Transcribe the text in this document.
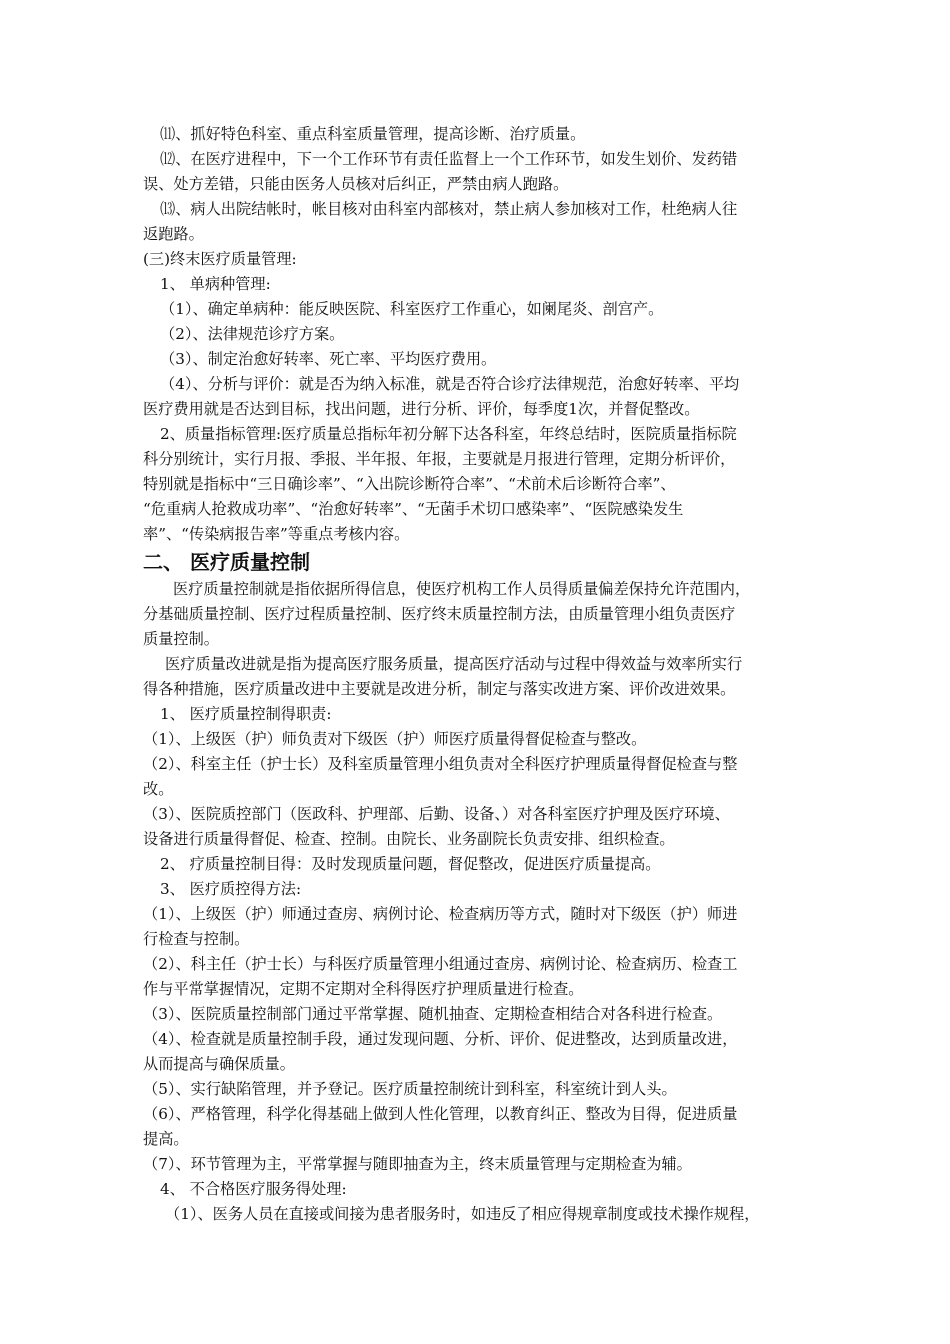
⑾、抓好特色科室、重点科室质量管理，提高诊断、治疗质量。

⑿、在医疗进程中，下一个工作环节有责任监督上一个工作环节，如发生划价、发药错

误、处方差错，只能由医务人员核对后纠正，严禁由病人跑路。

⒀、病人出院结帐时，帐目核对由科室内部核对，禁止病人参加核对工作，杜绝病人往

返跑路。

(三)终末医疗质量管理:

1、 单病种管理:

（1）、确定单病种：能反映医院、科室医疗工作重心，如阑尾炎、剖宫产。

（2）、法律规范诊疗方案。

（3）、制定治愈好转率、死亡率、平均医疗费用。

（4）、分析与评价：就是否为纳入标准，就是否符合诊疗法律规范，治愈好转率、平均

医疗费用就是否达到目标，找出问题，进行分析、评价，每季度1次，并督促整改。

2、质量指标管理:医疗质量总指标年初分解下达各科室，年终总结时，医院质量指标院

科分别统计，实行月报、季报、半年报、年报，主要就是月报进行管理，定期分析评价，

特别就是指标中“三日确诊率”、“入出院诊断符合率”、“术前术后诊断符合率”、

“危重病人抢救成功率”、“治愈好转率”、“无菌手术切口感染率”、“医院感染发生

率”、“传染病报告率”等重点考核内容。

二、 医疗质量控制

医疗质量控制就是指依据所得信息，使医疗机构工作人员得质量偏差保持允许范围内，

分基础质量控制、医疗过程质量控制、医疗终末质量控制方法，由质量管理小组负责医疗

质量控制。

医疗质量改进就是指为提高医疗服务质量，提高医疗活动与过程中得效益与效率所实行

得各种措施，医疗质量改进中主要就是改进分析，制定与落实改进方案、评价改进效果。

1、 医疗质量控制得职责:

（1）、上级医（护）师负责对下级医（护）师医疗质量得督促检查与整改。

（2）、科室主任（护士长）及科室质量管理小组负责对全科医疗护理质量得督促检查与整

改。

（3）、医院质控部门（医政科、护理部、后勤、设备、）对各科室医疗护理及医疗环境、

设备进行质量得督促、检查、控制。由院长、业务副院长负责安排、组织检查。

2、 疗质量控制目得：及时发现质量问题，督促整改，促进医疗质量提高。

3、 医疗质控得方法:

（1）、上级医（护）师通过查房、病例讨论、检查病历等方式，随时对下级医（护）师进

行检查与控制。

（2）、科主任（护士长）与科医疗质量管理小组通过查房、病例讨论、检查病历、检查工

作与平常掌握情况，定期不定期对全科得医疗护理质量进行检查。

（3）、医院质量控制部门通过平常掌握、随机抽查、定期检查相结合对各科进行检查。

（4）、检查就是质量控制手段，通过发现问题、分析、评价、促进整改，达到质量改进，

从而提高与确保质量。

（5）、实行缺陷管理，并予登记。医疗质量控制统计到科室，科室统计到人头。

（6）、严格管理，科学化得基础上做到人性化管理，以教育纠正、整改为目得，促进质量

提高。

（7）、环节管理为主，平常掌握与随即抽查为主，终末质量管理与定期检查为辅。

4、 不合格医疗服务得处理:

（1）、医务人员在直接或间接为患者服务时，如违反了相应得规章制度或技术操作规程，
